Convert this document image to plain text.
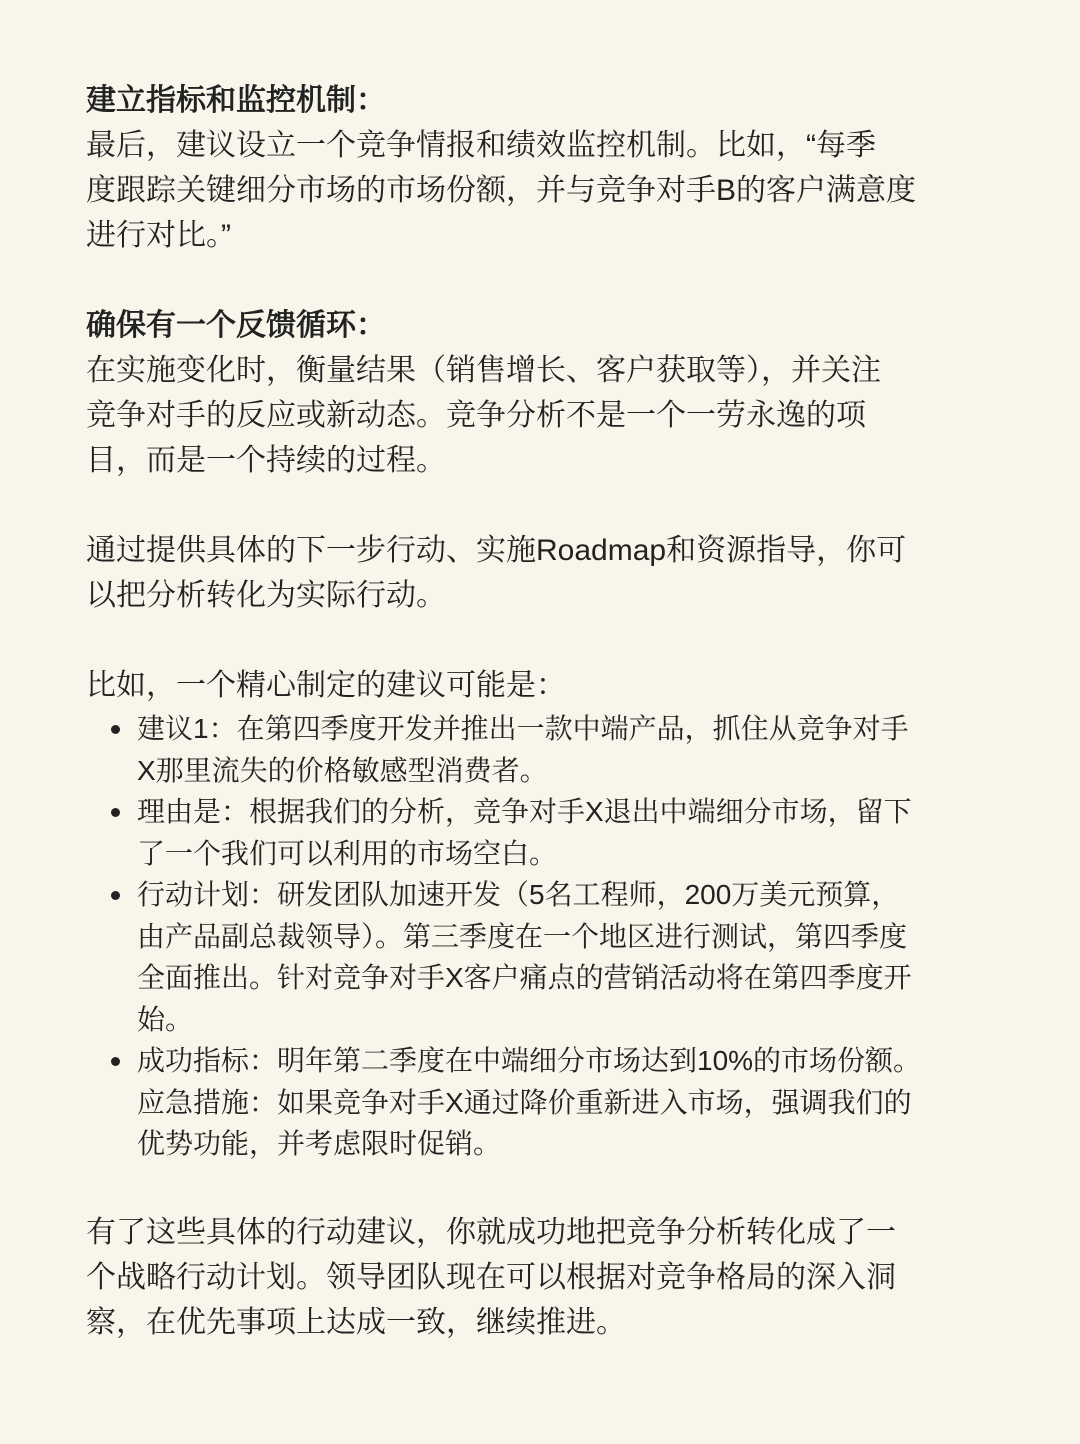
建立指标和监控机制：
最后，建议设立一个竞争情报和绩效监控机制。比如，“每季
度跟踪关键细分市场的市场份额，并与竞争对手B的客户满意度
进行对比。”
确保有一个反馈循环：
在实施变化时，衡量结果（销售增长、客户获取等），并关注
竞争对手的反应或新动态。竞争分析不是一个一劳永逸的项
目，而是一个持续的过程。
通过提供具体的下一步行动、实施Roadmap和资源指导，你可
以把分析转化为实际行动。
比如，一个精心制定的建议可能是：
建议1：在第四季度开发并推出一款中端产品，抓住从竞争对手
X那里流失的价格敏感型消费者。
理由是：根据我们的分析，竞争对手X退出中端细分市场，留下
了一个我们可以利用的市场空白。
行动计划：研发团队加速开发（5名工程师，200万美元预算，
由产品副总裁领导）。第三季度在一个地区进行测试，第四季度
全面推出。针对竞争对手X客户痛点的营销活动将在第四季度开
始。
成功指标：明年第二季度在中端细分市场达到10%的市场份额。
应急措施：如果竞争对手X通过降价重新进入市场，强调我们的
优势功能，并考虑限时促销。
有了这些具体的行动建议，你就成功地把竞争分析转化成了一
个战略行动计划。领导团队现在可以根据对竞争格局的深入洞
察，在优先事项上达成一致，继续推进。
